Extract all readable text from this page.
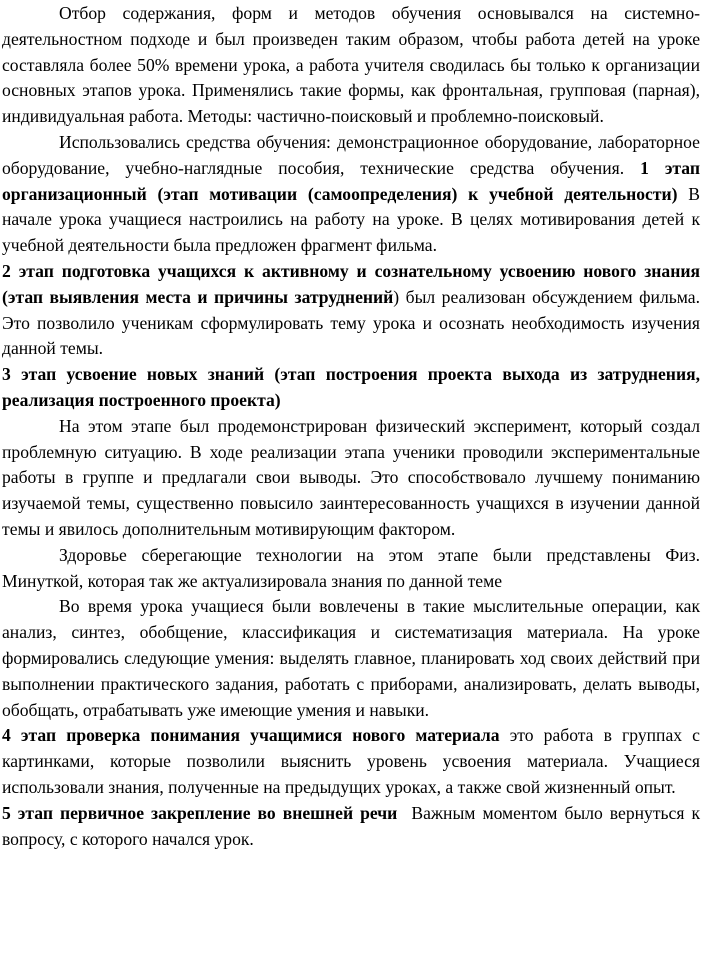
Отбор содержания, форм и методов обучения основывался на системно-деятельностном подходе и был произведен таким образом, чтобы работа детей на уроке составляла более 50% времени урока, а работа учителя сводилась бы только к организации основных этапов урока. Применялись такие формы, как фронтальная, групповая (парная), индивидуальная работа. Методы: частично-поисковый и проблемно-поисковый.

Использовались средства обучения: демонстрационное оборудование, лабораторное оборудование, учебно-наглядные пособия, технические средства обучения. 1 этап организационный (этап мотивации (самоопределения) к учебной деятельности) В начале урока учащиеся настроились на работу на уроке. В целях мотивирования детей к учебной деятельности была предложен фрагмент фильма.

2 этап подготовка учащихся к активному и сознательному усвоению нового знания (этап выявления места и причины затруднений) был реализован обсуждением фильма. Это позволило ученикам сформулировать тему урока и осознать необходимость изучения данной темы.

3 этап усвоение новых знаний (этап построения проекта выхода из затруднения, реализация построенного проекта)

На этом этапе был продемонстрирован физический эксперимент, который создал проблемную ситуацию. В ходе реализации этапа ученики проводили экспериментальные работы в группе и предлагали свои выводы. Это способствовало лучшему пониманию изучаемой темы, существенно повысило заинтересованность учащихся в изучении данной темы и явилось дополнительным мотивирующим фактором.

Здоровье сберегающие технологии на этом этапе были представлены Физ. Минуткой, которая так же актуализировала знания по данной теме

Во время урока учащиеся были вовлечены в такие мыслительные операции, как анализ, синтез, обобщение, классификация и систематизация материала. На уроке формировались следующие умения: выделять главное, планировать ход своих действий при выполнении практического задания, работать с приборами, анализировать, делать выводы, обобщать, отрабатывать уже имеющие умения и навыки.

4 этап проверка понимания учащимися нового материала это работа в группах с картинками, которые позволили выяснить уровень усвоения материала. Учащиеся использовали знания, полученные на предыдущих уроках, а также свой жизненный опыт.

5 этап первичное закрепление во внешней речи Важным моментом было вернуться к вопросу, с которого начался урок.
